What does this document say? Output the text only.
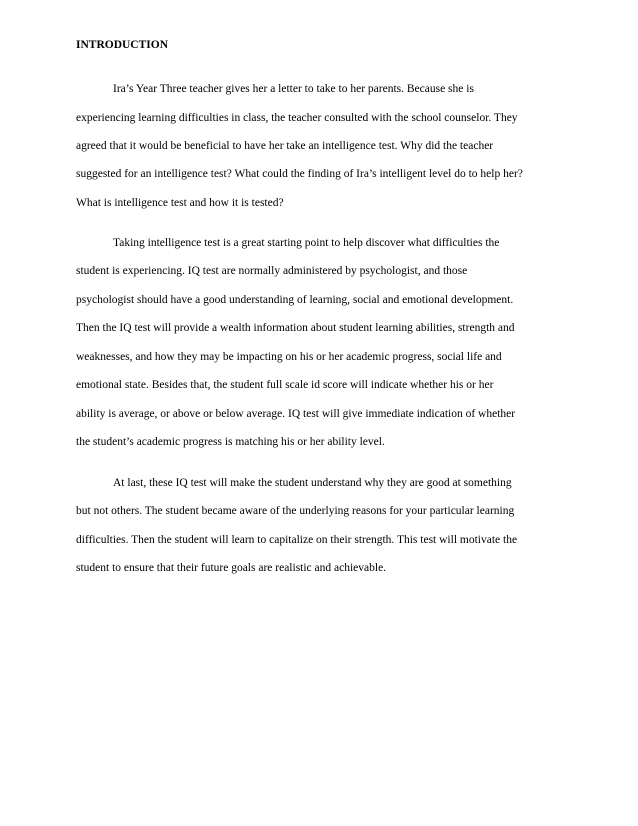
INTRODUCTION
Ira’s Year Three teacher gives her a letter to take to her parents. Because she is
experiencing learning difficulties in class, the teacher consulted with the school counselor. They
agreed that it would be beneficial to have her take an intelligence test. Why did the teacher
suggested for an intelligence test? What could the finding of Ira’s intelligent level do to help her?
What is intelligence test and how it is tested?
Taking intelligence test is a great starting point to help discover what difficulties the
student is experiencing. IQ test are normally administered by psychologist, and those
psychologist should have a good understanding of learning, social and emotional development.
Then the IQ test will provide a wealth information about student learning abilities, strength and
weaknesses, and how they may be impacting on his or her academic progress, social life and
emotional state. Besides that, the student full scale id score will indicate whether his or her
ability is average, or above or below average. IQ test will give immediate indication of whether
the student’s academic progress is matching his or her ability level.
At last, these IQ test will make the student understand why they are good at something
but not others. The student became aware of the underlying reasons for your particular learning
difficulties. Then the student will learn to capitalize on their strength. This test will motivate the
student to ensure that their future goals are realistic and achievable.
